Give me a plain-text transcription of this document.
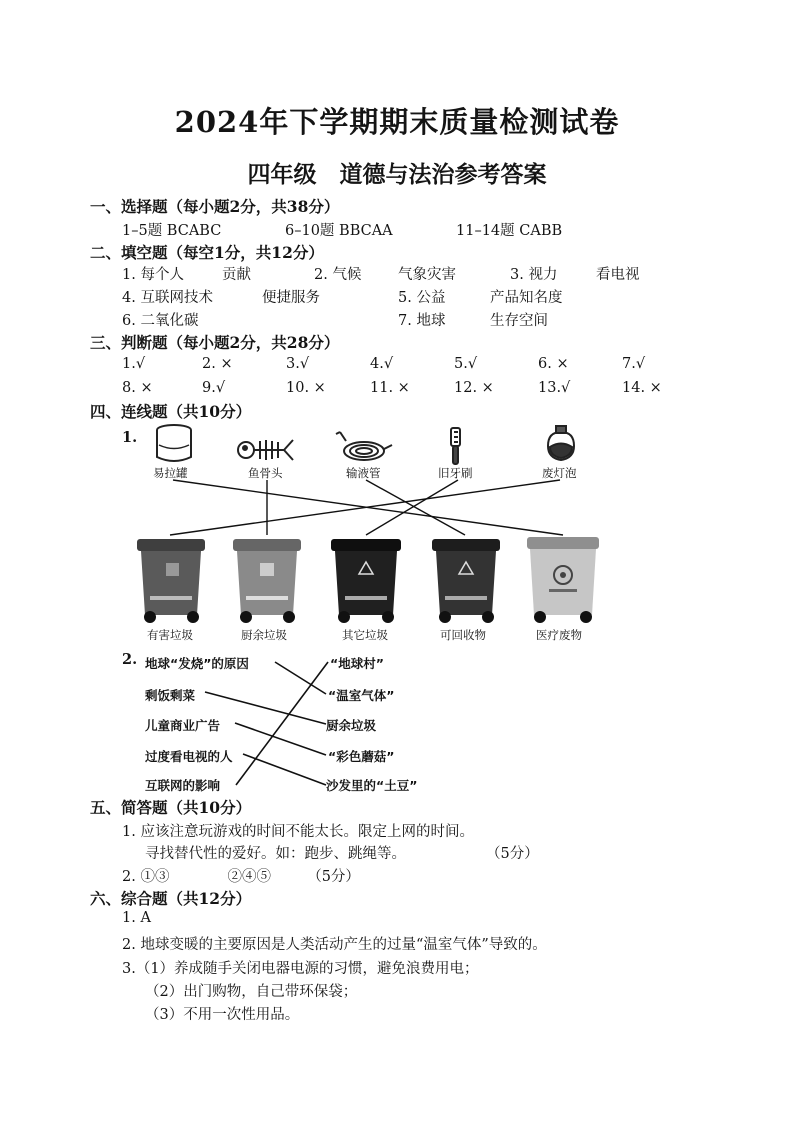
2024年下学期期末质量检测试卷
四年级　道德与法治参考答案
一、选择题（每小题2分，共38分）
1–5题 BCABC	6–10题 BBCAA	11–14题 CABB
二、填空题（每空1分，共12分）
1. 每个人	贡献	2. 气候	气象灾害	3. 视力	看电视
4. 互联网技术	便捷服务	5. 公益	产品知名度
6. 二氧化碳	7. 地球	生存空间
三、判断题（每小题2分，共28分）
1.√	2. ×	3.√	4.√	5.√	6. ×	7.√
8. ×	9.√	10. ×	11. ×	12. ×	13.√	14. ×
四、连线题（共10分）
1.
易拉罐	鱼骨头	输液管	旧牙刷	废灯泡
有害垃圾	厨余垃圾	其它垃圾	可回收物	医疗废物
2. 地球“发烧”的原因
剩饭剩菜
儿童商业广告
过度看电视的人
互联网的影响
“地球村”
“温室气体”
厨余垃圾
“彩色蘑菇”
沙发里的“土豆”
五、简答题（共10分）
1. 应该注意玩游戏的时间不能太长。限定上网的时间。
寻找替代性的爱好。如：跑步、跳绳等。	（5分）
2. ①③　　　　②④⑤　　　（5分）
六、综合题（共12分）
1. A
2. 地球变暖的主要原因是人类活动产生的过量“温室气体”导致的。
3.（1）养成随手关闭电器电源的习惯，避免浪费用电；
（2）出门购物，自己带环保袋；
（3）不用一次性用品。
